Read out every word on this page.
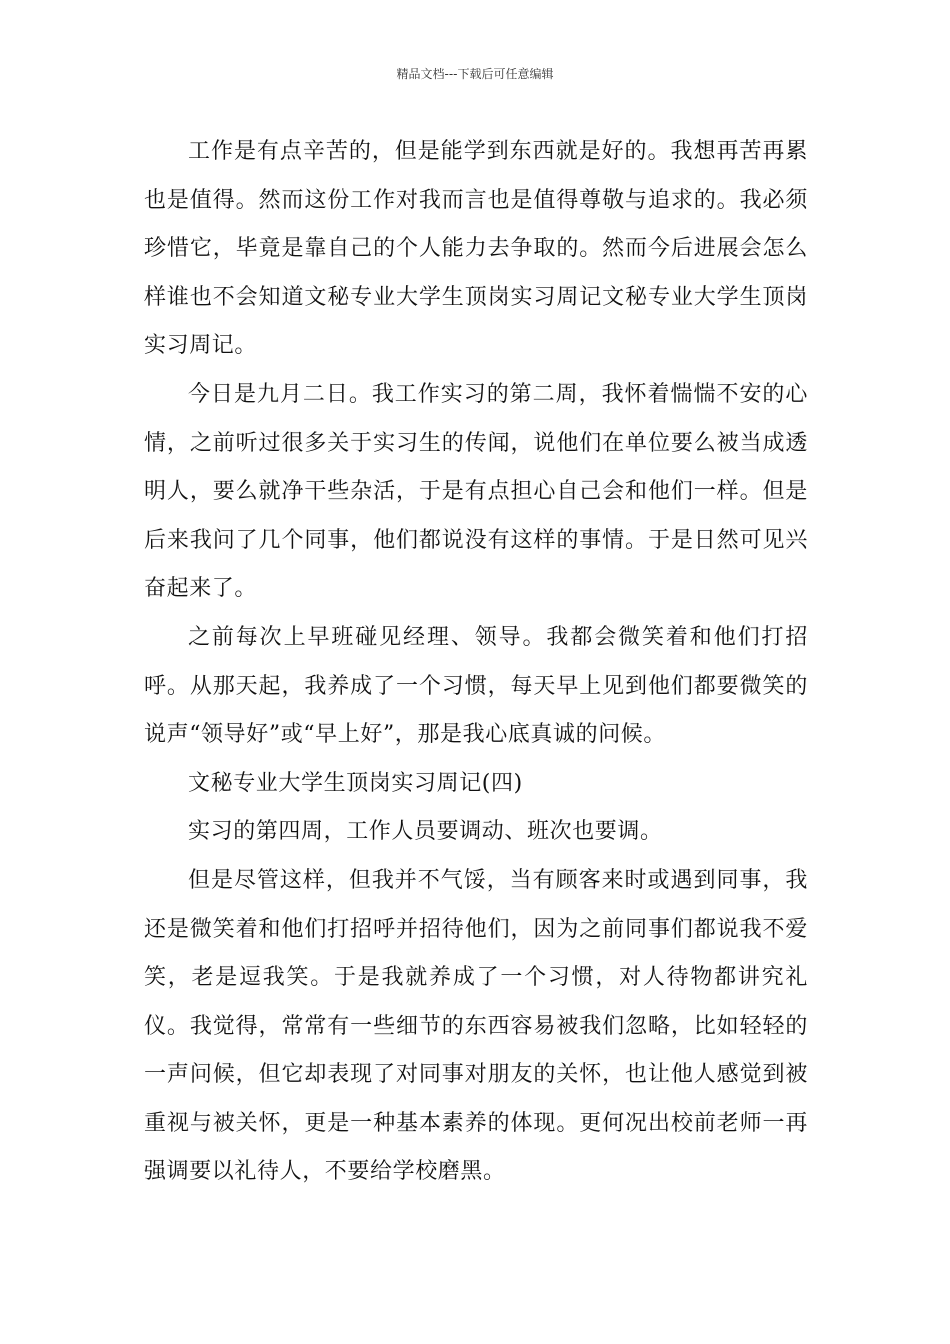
精品文档---下载后可任意编辑

工作是有点辛苦的，但是能学到东西就是好的。我想再苦再累也是值得。然而这份工作对我而言也是值得尊敬与追求的。我必须珍惜它，毕竟是靠自己的个人能力去争取的。然而今后进展会怎么样谁也不会知道文秘专业大学生顶岗实习周记文秘专业大学生顶岗实习周记。

今日是九月二日。我工作实习的第二周，我怀着惴惴不安的心情，之前听过很多关于实习生的传闻，说他们在单位要么被当成透明人，要么就净干些杂活，于是有点担心自己会和他们一样。但是后来我问了几个同事，他们都说没有这样的事情。于是日然可见兴奋起来了。

之前每次上早班碰见经理、领导。我都会微笑着和他们打招呼。从那天起，我养成了一个习惯，每天早上见到他们都要微笑的说声“领导好”或“早上好”，那是我心底真诚的问候。

文秘专业大学生顶岗实习周记(四)

实习的第四周，工作人员要调动、班次也要调。

但是尽管这样，但我并不气馁，当有顾客来时或遇到同事，我还是微笑着和他们打招呼并招待他们，因为之前同事们都说我不爱笑，老是逗我笑。于是我就养成了一个习惯，对人待物都讲究礼仪。我觉得，常常有一些细节的东西容易被我们忽略，比如轻轻的一声问候，但它却表现了对同事对朋友的关怀，也让他人感觉到被重视与被关怀，更是一种基本素养的体现。更何况出校前老师一再强调要以礼待人，不要给学校磨黑。
